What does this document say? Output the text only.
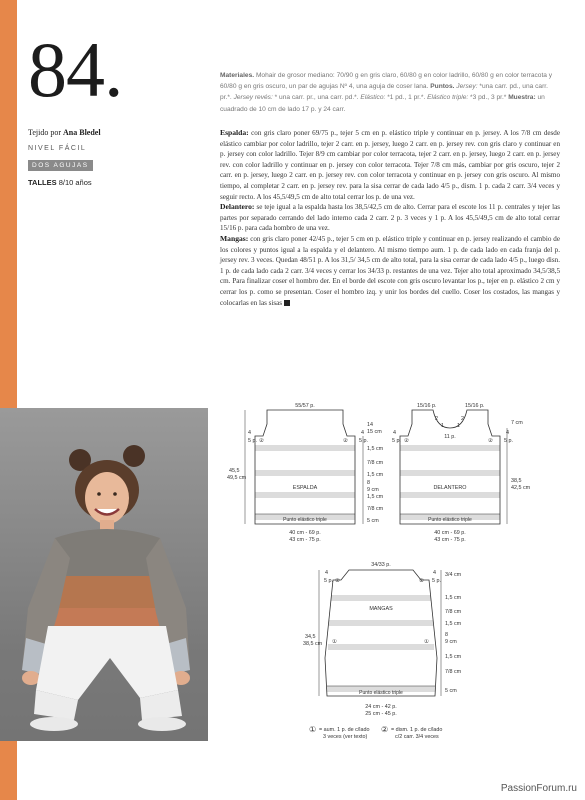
84.
Tejido por Ana Bledel
NIVEL FÁCIL
DOS AGUJAS
TALLES 8/10 años
Materiales. Mohair de grosor mediano: 70/90 g en gris claro, 60/80 g en color ladrillo, 60/80 g en color terracota y 60/80 g en gris oscuro, un par de agujas Nº 4, una aguja de coser lana. Puntos. Jersey: *una carr. pd., una carr. pr.*. Jersey revés: * una carr. pr., una carr. pd.*. Elástico: *1 pd., 1 pr.*. Elástico triple: *3 pd., 3 pr.* Muestra: un cuadrado de 10 cm de lado 17 p. y 24 carr.

Espalda: con gris claro poner 69/75 p., tejer 5 cm en p. elástico triple y continuar en p. jersey. A los 7/8 cm desde elástico cambiar por color ladrillo, tejer 2 carr. en p. jersey, luego 2 carr. en p. jersey rev. con gris claro y continuar en p. jersey con color ladrillo. Tejer 8/9 cm cambiar por color terracota, tejer 2 carr. en p. jersey, luego 2 carr. en p. jersey rev. con color ladrillo y continuar en p. jersey con color terracota. Tejer 7/8 cm más, cambiar por gris oscuro, tejer 2 carr. en p. jersey, luego 2 carr. en p. jersey rev. con color terracota y continuar en p. jersey con gris oscuro. Al mismo tiempo, al completar 2 carr. en p. jersey rev. para la sisa cerrar de cada lado 4/5 p., dism. 1 p. cada 2 carr. 3/4 veces y seguir recto. A los 45,5/49,5 cm de alto total cerrar los p. de una vez.

Delantero: se teje igual a la espalda hasta los 38,5/42,5 cm de alto. Cerrar para el escote los 11 p. centrales y tejer las partes por separado cerrando del lado interno cada 2 carr. 2 p. 3 veces y 1 p. A los 45,5/49,5 cm de alto total cerrar 15/16 p. para cada hombro de una vez.

Mangas: con gris claro poner 42/45 p., tejer 5 cm en p. elástico triple y continuar en p. jersey realizando el cambio de los colores y puntos igual a la espalda y el delantero. Al mismo tiempo aum. 1 p. de cada lado en cada franja del p. jersey rev. 3 veces. Quedan 48/51 p. A los 31,5/ 34,5 cm de alto total, para la sisa cerrar de cada lado 4/5 p., luego disn. 1 p. de cada lado cada 2 carr. 3/4 veces y cerrar los 34/33 p. restantes de una vez. Tejer alto total aproximado 34,5/38,5 cm. Para finalizar coser el hombro der. En el borde del escote con gris oscuro levantar los p., tejer en p. elástico 2 cm y cerrar los p. como se presentan. Coser el hombro izq. y unir los bordes del cuello. Coser los costados, las mangas y colocarlas en las sisas

55/57 p.
ESPALDA
Punto elástico triple
4
5 p.
4
5 p.
②	②
14
15 cm
45,5
49,5 cm
40 cm - 69 p.
43 cm - 75 p.
1,5 cm
7/8 cm
1,5 cm
8
9 cm
1,5 cm
7/8 cm
5 cm
15/16 p.	15/16 p.
2	2
1 1
11 p.
DELANTERO
Punto elástico triple
4
5 p.
4
5 p.
②	②
7 cm
38,5
42,5 cm
40 cm - 69 p.
43 cm - 75 p.
34/33 p.
MANGAS
Punto elástico triple
4
5 p.
4
5 p.
②	②
①	①
34,5
38,5 cm
3/4 cm
1,5 cm
7/8 cm
1,5 cm
8
9 cm
1,5 cm
7/8 cm
5 cm
24 cm - 42 p.
25 cm - 45 p.
① = aum. 1 p. de c/lado
3 veces (ver texto)
② = dism. 1 p. de c/lado
c/2 carr. 3/4 veces
PassionForum.ru
